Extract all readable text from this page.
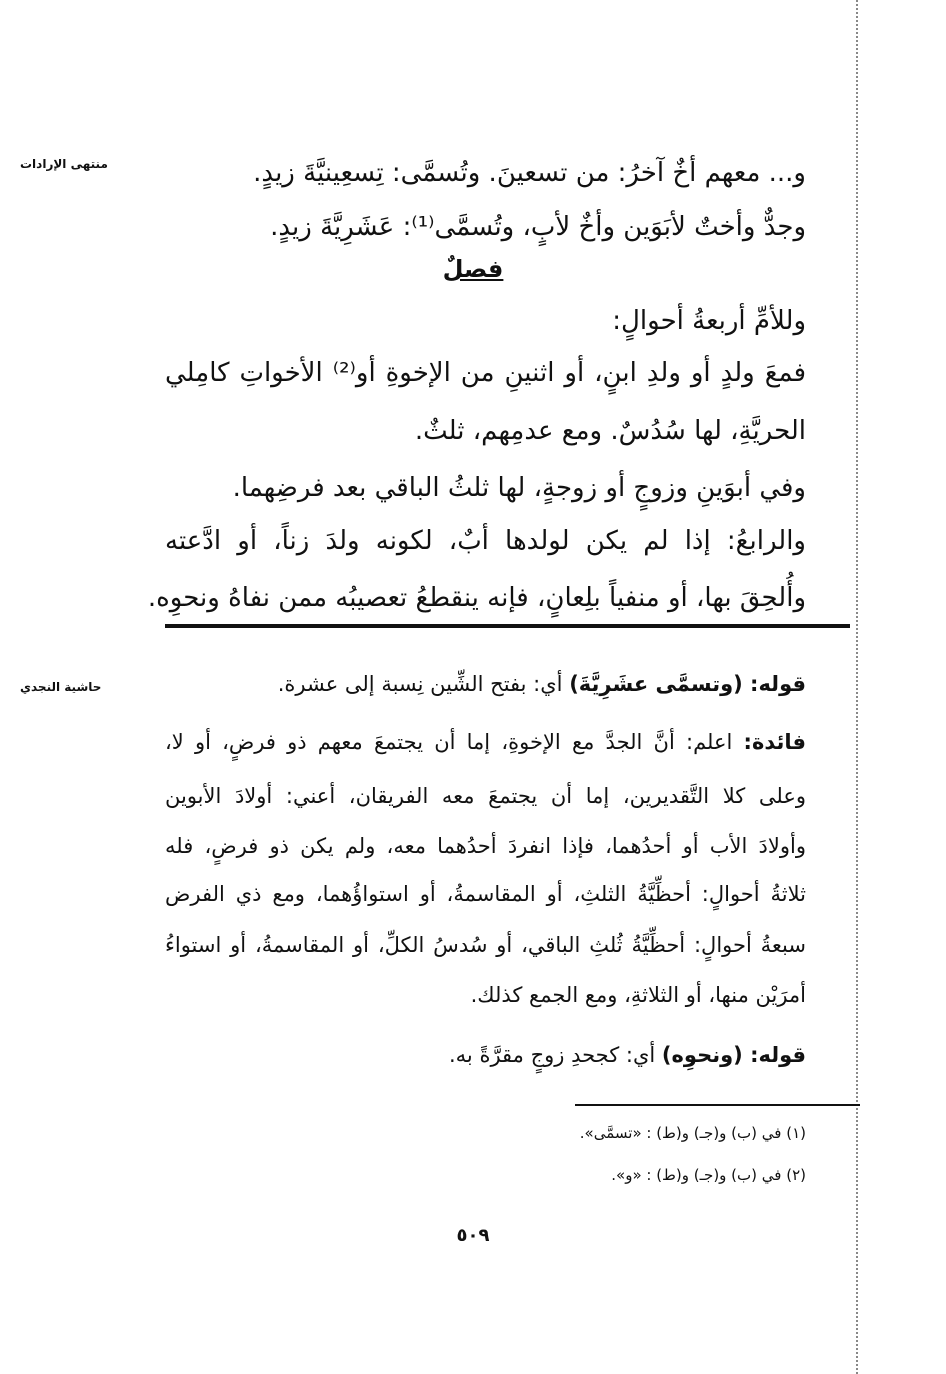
منتهى الإرادات
حاشية النجدي
و... معهم أخٌ آخرُ: من تسعينَ. وتُسمَّى: تِسعِينيَّةَ زيدٍ.
وجدٌّ وأختٌ لأبَوَين وأخٌ لأبٍ، وتُسمَّى⁽¹⁾: عَشَرِيَّةَ زيدٍ.
فصلٌ
وللأمِّ أربعةُ أحوالٍ:
فمعَ ولدٍ أو ولدِ ابنٍ، أو اثنينِ من الإخوةِ أو⁽²⁾ الأخواتِ كامِلي
الحريَّةِ، لها سُدُسٌ. ومع عدمِهم، ثلثٌ.
وفي أبوَينِ وزوجٍ أو زوجةٍ، لها ثلثُ الباقي بعد فرضِهما.
والرابعُ: إذا لم يكن لولدها أبٌ، لكونه ولدَ زناً، أو ادَّعته
وأُلحِقَ بها، أو منفياً بلِعانٍ، فإنه ينقطعُ تعصيبُه ممن نفاهُ ونحوِه.
قوله: (وتسمَّى عشَرِيَّةَ) أي: بفتح الشِّين نِسبة إلى عشرة.
فائدة: اعلم: أنَّ الجدَّ مع الإخوةِ، إما أن يجتمعَ معهم ذو فرضٍ، أو لا،
وعلى كلا التَّقديرين، إما أن يجتمعَ معه الفريقان، أعني: أولادَ الأبوين
وأولادَ الأب أو أحدُهما، فإذا انفردَ أحدُهما معه، ولم يكن ذو فرضٍ، فله
ثلاثةُ أحوالٍ: أحظِّيَّةُ الثلثِ، أو المقاسمةُ، أو استواؤُهما، ومع ذي الفرض
سبعةُ أحوالٍ: أحظِّيَّةُ ثُلثِ الباقي، أو سُدسُ الكلِّ، أو المقاسمةُ، أو استواءُ
أمرَيْن منها، أو الثلاثةِ، ومع الجمع كذلك.
قوله: (ونحوِه) أي: كجحدِ زوجٍ مقرَّةً به.
(١) في (ب) و(جـ) و(ط) : «تسمَّى».
(٢) في (ب) و(جـ) و(ط) : «و».
٥٠٩
